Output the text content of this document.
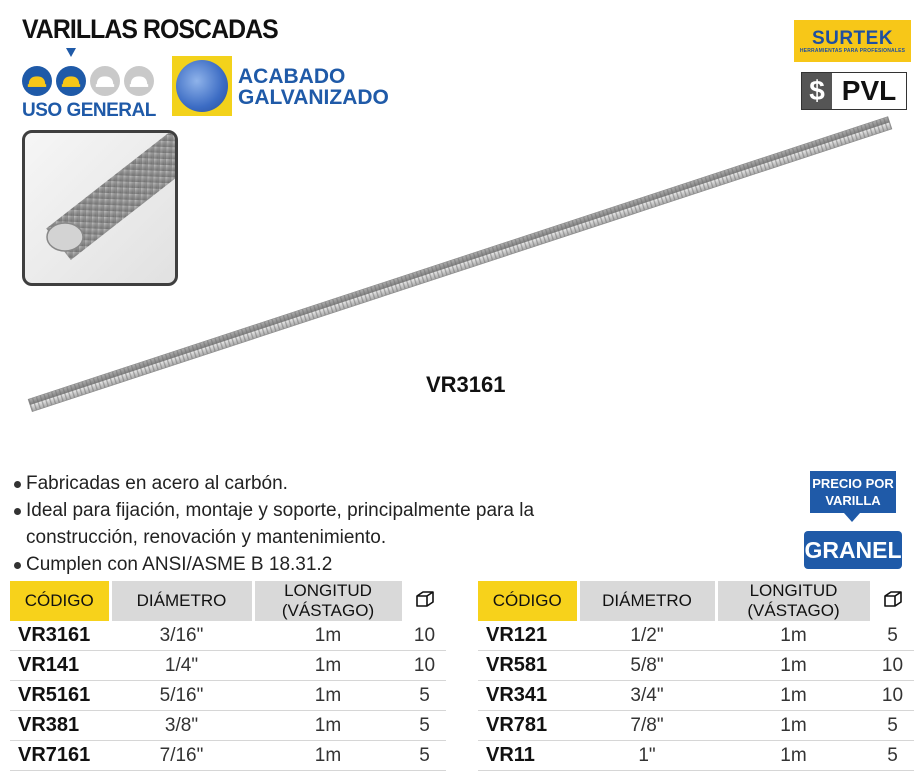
VARILLAS ROSCADAS
USO GENERAL
ACABADO
GALVANIZADO
SURTEK
HERRAMIENTAS PARA PROFESIONALES
$ PVL
VR3161
Fabricadas en acero al carbón.
Ideal para fijación, montaje y soporte, principalmente para la
construcción, renovación y mantenimiento.
Cumplen con ANSI/ASME B 18.31.2
PRECIO POR
VARILLA
GRANEL
CÓDIGO	DIÁMETRO	LONGITUD (VÁSTAGO)	
VR3161	3/16"	1m	10
VR141	1/4"	1m	10
VR5161	5/16"	1m	5
VR381	3/8"	1m	5
VR7161	7/16"	1m	5
CÓDIGO	DIÁMETRO	LONGITUD (VÁSTAGO)	
VR121	1/2"	1m	5
VR581	5/8"	1m	10
VR341	3/4"	1m	10
VR781	7/8"	1m	5
VR11	1"	1m	5
